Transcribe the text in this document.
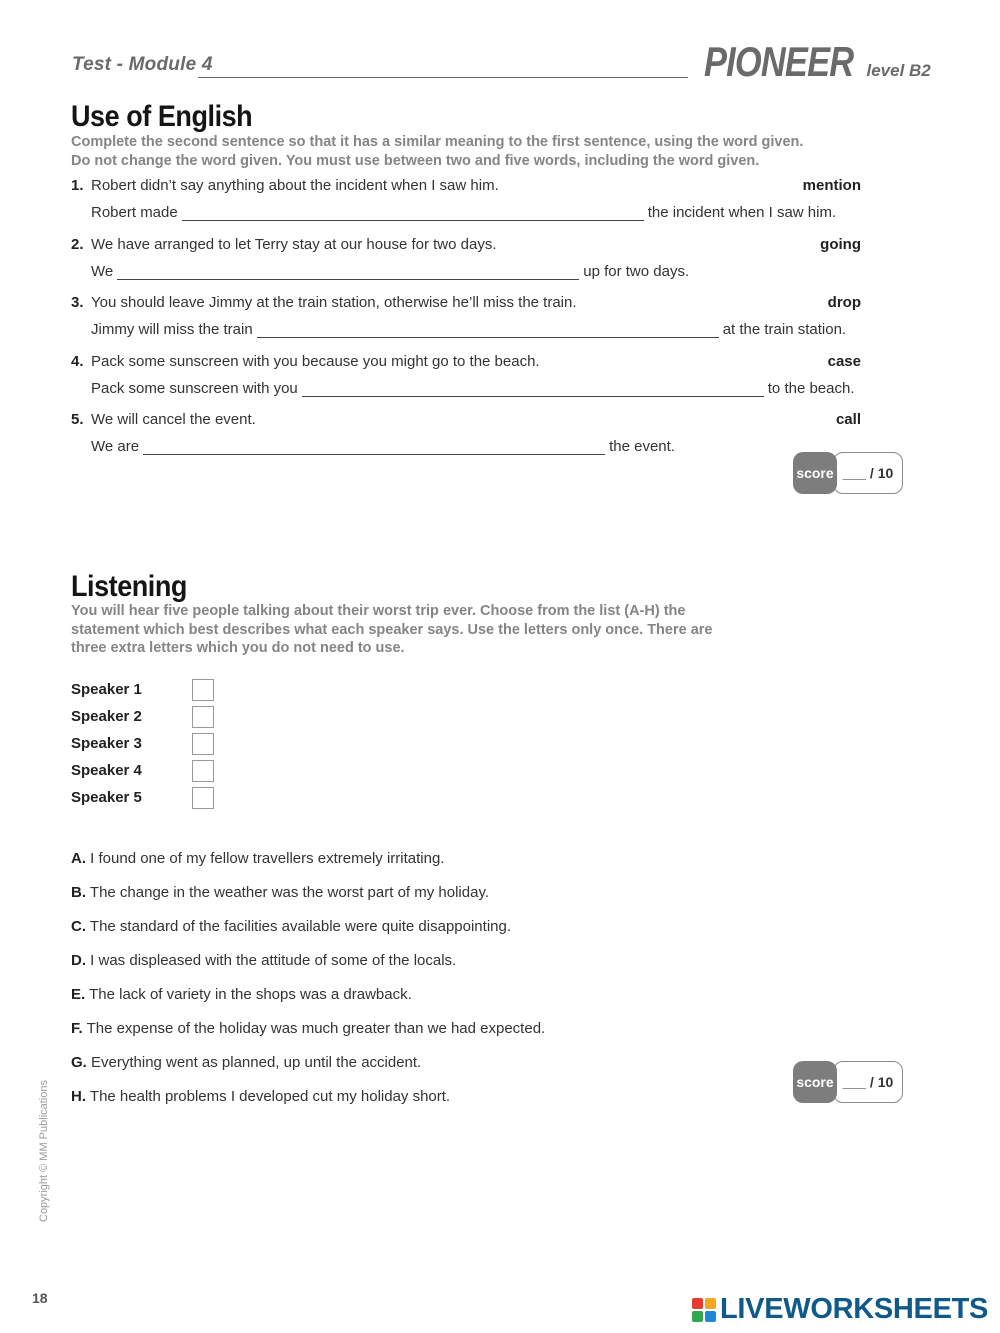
Test - Module 4	PIONEER level B2
Use of English
Complete the second sentence so that it has a similar meaning to the first sentence, using the word given.
Do not change the word given. You must use between two and five words, including the word given.
1. Robert didn’t say anything about the incident when I saw him.	mention
Robert made	the incident when I saw him.
2. We have arranged to let Terry stay at our house for two days.	going
We	up for two days.
3. You should leave Jimmy at the train station, otherwise he’ll miss the train.	drop
Jimmy will miss the train	at the train station.
4. Pack some sunscreen with you because you might go to the beach.	case
Pack some sunscreen with you	to the beach.
5. We will cancel the event.	call
We are	the event.
score ___ / 10
Listening
You will hear five people talking about their worst trip ever. Choose from the list (A-H) the
statement which best describes what each speaker says. Use the letters only once. There are
three extra letters which you do not need to use.
Speaker 1
Speaker 2
Speaker 3
Speaker 4
Speaker 5
A. I found one of my fellow travellers extremely irritating.
B. The change in the weather was the worst part of my holiday.
C. The standard of the facilities available were quite disappointing.
D. I was displeased with the attitude of some of the locals.
E. The lack of variety in the shops was a drawback.
F. The expense of the holiday was much greater than we had expected.
G. Everything went as planned, up until the accident.
H. The health problems I developed cut my holiday short.
score ___ / 10
Copyright © MM Publications
18	LIVEWORKSHEETS
